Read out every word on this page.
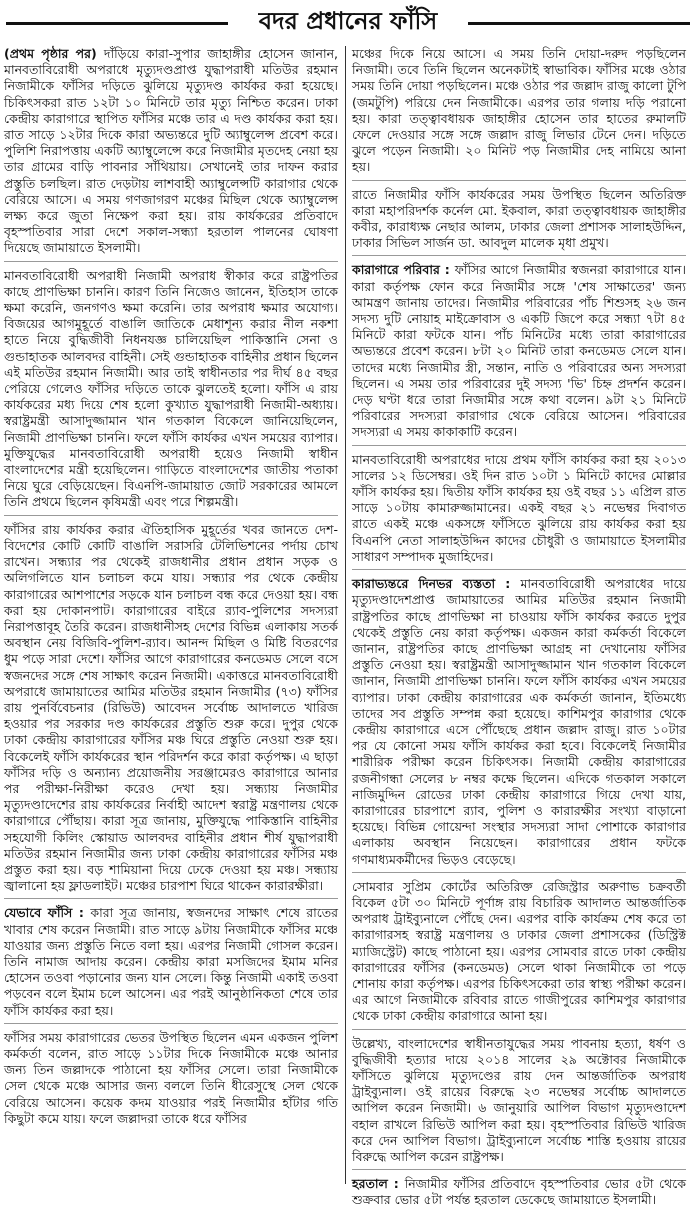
বদর প্রধানের ফাঁসি

(প্রথম পৃষ্ঠার পর) দাঁড়িয়ে কারা-সুপার জাহাঙ্গীর হোসেন জানান, মানবতাবিরোধী অপরাধে মৃত্যুদণ্ডপ্রাপ্ত যুদ্ধাপরাধী মতিউর রহমান নিজামীকে ফাঁসির দড়িতে ঝুলিয়ে মৃত্যুদণ্ড কার্যকর করা হয়েছে। চিকিৎসকরা রাত ১২টা ১০ মিনিটে তার মৃত্যু নিশ্চিত করেন। ঢাকা কেন্দ্রীয় কারাগারে স্থাপিত ফাঁসির মঞ্চে তার এ দণ্ড কার্যকর করা হয়। রাত সাড়ে ১২টার দিকে কারা অভ্যন্তরে দুটি অ্যাম্বুলেন্স প্রবেশ করে। পুলিশি নিরাপত্তায় একটি অ্যাম্বুলেন্সে করে নিজামীর মৃতদেহ নেয়া হয় তার গ্রামের বাড়ি পাবনার সাঁথিয়ায়। সেখানেই তার দাফন করার প্রস্তুতি চলছিল। রাত দেড়টায় লাশবাহী অ্যাম্বুলেন্সটি কারাগার থেকে বেরিয়ে আসে। এ সময় গণজাগরণ মঞ্চের মিছিল থেকে অ্যাম্বুলেন্স লক্ষ্য করে জুতা নিক্ষেপ করা হয়। রায় কার্যকরের প্রতিবাদে বৃহস্পতিবার সারা দেশে সকাল-সন্ধ্যা হরতাল পালনের ঘোষণা দিয়েছে জামায়াতে ইসলামী।

মানবতাবিরোধী অপরাধী নিজামী অপরাধ স্বীকার করে রাষ্ট্রপতির কাছে প্রাণভিক্ষা চাননি। কারণ তিনি নিজেও জানেন, ইতিহাস তাকে ক্ষমা করেনি, জনগণও ক্ষমা করেনি। তার অপরাধ ক্ষমার অযোগ্য। বিজয়ের আগমুহূর্তে বাঙালি জাতিকে মেধাশূন্য করার নীল নকশা হাতে নিয়ে বুদ্ধিজীবী নিধনযজ্ঞ চালিয়েছিল পাকিস্তানি সেনা ও গুন্ডাহাতক আলবদর বাহিনী। সেই গুন্ডাহাতক বাহিনীর প্রধান ছিলেন এই মতিউর রহমান নিজামী। আর তাই স্বাধীনতার পর দীর্ঘ ৪৫ বছর পেরিয়ে গেলেও ফাঁসির দড়িতে তাকে ঝুলতেই হলো। ফাঁসি এ রায় কার্যকরের মধ্য দিয়ে শেষ হলো কুখ্যাত যুদ্ধাপরাধী নিজামী-অধ্যায়। স্বরাষ্ট্রমন্ত্রী আসাদুজ্জামান খান গতকাল বিকেলে জানিয়েছিলেন, নিজামী প্রাণভিক্ষা চাননি। ফলে ফাঁসি কার্যকর এখন সময়ের ব্যাপার। মুক্তিযুদ্ধের মানবতাবিরোধী অপরাধী হয়েও নিজামী স্বাধীন বাংলাদেশের মন্ত্রী হয়েছিলেন। গাড়িতে বাংলাদেশের জাতীয় পতাকা নিয়ে ঘুরে বেড়িয়েছেন। বিএনপি-জামায়াত জোট সরকারের আমলে তিনি প্রথমে ছিলেন কৃষিমন্ত্রী এবং পরে শিল্পমন্ত্রী।

ফাঁসির রায় কার্যকর করার ঐতিহাসিক মুহূর্তের খবর জানতে দেশ-বিদেশের কোটি কোটি বাঙালি সরাসরি টেলিভিশনের পর্দায় চোখ রাখেন। সন্ধ্যার পর থেকেই রাজধানীর প্রধান প্রধান সড়ক ও অলিগলিতে যান চলাচল কমে যায়। সন্ধ্যার পর থেকে কেন্দ্রীয় কারাগারের আশপাশের সড়কে যান চলাচল বন্ধ করে দেওয়া হয়। বন্ধ করা হয় দোকানপাট। কারাগারের বাইরে র‍্যাব-পুলিশের সদস্যরা নিরাপত্তাবূহ তৈরি করেন। রাজধানীসহ দেশের বিভিন্ন এলাকায় সতর্ক অবস্থান নেয় বিজিবি-পুলিশ-র‍্যাব। আনন্দ মিছিল ও মিষ্টি বিতরণের ধুম পড়ে সারা দেশে। ফাঁসির আগে কারাগারের কনডেমড সেলে বসে স্বজনদের সঙ্গে শেষ সাক্ষাৎ করেন নিজামী। একাত্তরে মানবতাবিরোধী অপরাধে জামায়াতের আমির মতিউর রহমান নিজামীর (৭৩) ফাঁসির রায় পুনর্বিবেচনার (রিভিউ) আবেদন সর্বোচ্চ আদালতে খারিজ হওয়ার পর সরকার দণ্ড কার্যকরের প্রস্তুতি শুরু করে। দুপুর থেকে ঢাকা কেন্দ্রীয় কারাগারের ফাঁসির মঞ্চ ঘিরে প্রস্তুতি নেওয়া শুরু হয়। বিকেলেই ফাঁসি কার্যকরের স্থান পরিদর্শন করে কারা কর্তৃপক্ষ। এ ছাড়া ফাঁসির দড়ি ও অন্যান্য প্রয়োজনীয় সরঞ্জামেরও কারাগারে আনার পর পরীক্ষা-নিরীক্ষা করেও দেখা হয়। সন্ধ্যায় নিজামীর মৃত্যুদণ্ডাদেশের রায় কার্যকরের নির্বাহী আদেশ স্বরাষ্ট্র মন্ত্রণালয় থেকে কারাগারে পৌঁছায়। কারা সূত্র জানায়, মুক্তিযুদ্ধে পাকিস্তানি বাহিনীর সহযোগী কিলিং স্কোয়াড আলবদর বাহিনীর প্রধান শীর্ষ যুদ্ধাপরাধী মতিউর রহমান নিজামীর জন্য ঢাকা কেন্দ্রীয় কারাগারের ফাঁসির মঞ্চ প্রস্তুত করা হয়। বড় শামিয়ানা দিয়ে ঢেকে দেওয়া হয় মঞ্চ। সন্ধ্যায় জ্বালানো হয় ফ্লাডলাইট। মঞ্চের চারপাশ ঘিরে থাকেন কারারক্ষীরা।

যেভাবে ফাঁসি : কারা সূত্র জানায়, স্বজনদের সাক্ষাৎ শেষে রাতের খাবার শেষ করেন নিজামী। রাত সাড়ে ৯টায় নিজামীকে ফাঁসির মঞ্চে যাওয়ার জন্য প্রস্তুতি নিতে বলা হয়। এরপর নিজামী গোসল করেন। তিনি নামাজ আদায় করেন। কেন্দ্রীয় কারা মসজিদের ইমাম মনির হোসেন তওবা পড়ানোর জন্য যান সেলে। কিন্তু নিজামী একাই তওবা পড়বেন বলে ইমাম চলে আসেন। এর পরই আনুষ্ঠানিকতা শেষে তার ফাঁসি কার্যকর করা হয়।

ফাঁসির সময় কারাগারের ভেতর উপস্থিত ছিলেন এমন একজন পুলিশ কর্মকর্তা বলেন, রাত সাড়ে ১১টার দিকে নিজামীকে মঞ্চে আনার জন্য তিন জল্লাদকে পাঠানো হয় ফাঁসির সেলে। তারা নিজামীকে সেল থেকে মঞ্চে আসার জন্য বললে তিনি ধীরেসুস্থে সেল থেকে বেরিয়ে আসেন। কয়েক কদম যাওয়ার পরই নিজামীর হাঁটার গতি কিছুটা কমে যায়। ফলে জল্লাদরা তাকে ধরে ফাঁসির

মঞ্চের দিকে নিয়ে আসে। এ সময় তিনি দোয়া-দরুদ পড়ছিলেন নিজামী। তবে তিনি ছিলেন অনেকটাই স্বাভাবিক। ফাঁসির মঞ্চে ওঠার সময় তিনি দোয়া পড়ছিলেন। মঞ্চে ওঠার পর জল্লাদ রাজু কালো টুপি (জমটুপি) পরিয়ে দেন নিজামীকে। এরপর তার গলায় দড়ি পরানো হয়। কারা তত্ত্বাবধায়ক জাহাঙ্গীর হোসেন তার হাতের রুমালটি ফেলে দেওয়ার সঙ্গে সঙ্গে জল্লাদ রাজু লিভার টেনে দেন। দড়িতে ঝুলে পড়েন নিজামী। ২০ মিনিট পড় নিজামীর দেহ নামিয়ে আনা হয়।

রাতে নিজামীর ফাঁসি কার্যকরের সময় উপস্থিত ছিলেন অতিরিক্ত কারা মহাপরিদর্শক কর্নেল মো. ইকবাল, কারা তত্ত্বাবধায়ক জাহাঙ্গীর কবীর, কারাধ্যক্ষ নেছার আলম, ঢাকার জেলা প্রশাসক সালাহউদ্দিন, ঢাকার সিভিল সার্জন ডা. আবদুল মালেক মৃধা প্রমুখ।

কারাগারে পরিবার : ফাঁসির আগে নিজামীর স্বজনরা কারাগারে যান। কারা কর্তৃপক্ষ ফোন করে নিজামীর সঙ্গে 'শেষ সাক্ষাতের' জন্য আমন্ত্রণ জানায় তাদের। নিজামীর পরিবারের পাঁচ শিশুসহ ২৬ জন সদস্য দুটি নোয়াহ মাইক্রোবাস ও একটি জিপে করে সন্ধ্যা ৭টা ৪৫ মিনিটে কারা ফটকে যান। পাঁচ মিনিটের মধ্যে তারা কারাগারের অভ্যন্তরে প্রবেশ করেন। ৮টা ২০ মিনিট তারা কনডেমড সেলে যান। তাদের মধ্যে নিজামীর স্ত্রী, সন্তান, নাতি ও পরিবারের অন্য সদস্যরা ছিলেন। এ সময় তার পরিবারের দুই সদস্য 'ভি' চিহ্ন প্রদর্শন করেন। দেড় ঘণ্টা ধরে তারা নিজামীর সঙ্গে কথা বলেন। ৯টা ২১ মিনিটে পরিবারের সদস্যরা কারাগার থেকে বেরিয়ে আসেন। পরিবারের সদস্যরা এ সময় কাকাকাটি করেন।

মানবতাবিরোধী অপরাধের দায়ে প্রথম ফাঁসি কার্যকর করা হয় ২০১৩ সালের ১২ ডিসেম্বর। ওই দিন রাত ১০টা ১ মিনিটে কাদের মোল্লার ফাঁসি কার্যকর হয়। দ্বিতীয় ফাঁসি কার্যকর হয় ওই বছর ১১ এপ্রিল রাত সাড়ে ১০টায় কামারুজ্জামানের। একই বছর ২১ নভেম্বর দিবাগত রাতে একই মঞ্চে একসঙ্গে ফাঁসিতে ঝুলিয়ে রায় কার্যকর করা হয় বিএনপি নেতা সালাহউদ্দিন কাদের চৌধুরী ও জামায়াতে ইসলামীর সাধারণ সম্পাদক মুজাহিদের।

কারাভ্যন্তরে দিনভর ব্যস্ততা : মানবতাবিরোধী অপরাধের দায়ে মৃত্যুদণ্ডাদেশপ্রাপ্ত জামায়াতের আমির মতিউর রহমান নিজামী রাষ্ট্রপতির কাছে প্রাণভিক্ষা না চাওয়ায় ফাঁসি কার্যকর করতে দুপুর থেকেই প্রস্তুতি নেয় কারা কর্তৃপক্ষ। একজন কারা কর্মকর্তা বিকেলে জানান, রাষ্ট্রপতির কাছে প্রাণভিক্ষা আগ্রহ না দেখানোয় ফাঁসির প্রস্তুতি নেওয়া হয়। স্বরাষ্ট্রমন্ত্রী আসাদুজ্জামান খান গতকাল বিকেলে জানান, নিজামী প্রাণভিক্ষা চাননি। ফলে ফাঁসি কার্যকর এখন সময়ের ব্যাপার। ঢাকা কেন্দ্রীয় কারাগারের এক কর্মকর্তা জানান, ইতিমধ্যে তাদের সব প্রস্তুতি সম্পন্ন করা হয়েছে। কাশিমপুর কারাগার থেকে কেন্দ্রীয় কারাগারে এসে পৌঁছেছে প্রধান জল্লাদ রাজু। রাত ১০টার পর যে কোনো সময় ফাঁসি কার্যকর করা হবে। বিকেলেই নিজামীর শারীরিক পরীক্ষা করেন চিকিৎসক। নিজামী কেন্দ্রীয় কারাগারের রজনীগন্ধা সেলের ৮ নম্বর কক্ষে ছিলেন। এদিকে গতকাল সকালে নাজিমুদ্দিন রোডের ঢাকা কেন্দ্রীয় কারাগারে গিয়ে দেখা যায়, কারাগারের চারপাশে র‍্যাব, পুলিশ ও কারারক্ষীর সংখ্যা বাড়ানো হয়েছে। বিভিন্ন গোয়েন্দা সংস্থার সদস্যরা সাদা পোশাকে কারাগার এলাকায় অবস্থান নিয়েছেন। কারাগারের প্রধান ফটকে গণমাধ্যমকর্মীদের ভিড়ও বেড়েছে।

সোমবার সুপ্রিম কোর্টের অতিরিক্ত রেজিস্ট্রার অরুণাভ চক্রবর্তী বিকেল ৫টা ৩০ মিনিটে পূর্ণাঙ্গ রায় বিচারিক আদালত আন্তর্জাতিক অপরাধ ট্রাইব্যুনালে পৌঁছে দেন। এরপর বাকি কার্যক্রম শেষ করে তা কারাগারসহ স্বরাষ্ট্র মন্ত্রণালয় ও ঢাকার জেলা প্রশাসকের (ডিস্ট্রিক্ট ম্যাজিস্ট্রেট) কাছে পাঠানো হয়। এরপর সোমবার রাতে ঢাকা কেন্দ্রীয় কারাগারের ফাঁসির (কনডেমড) সেলে থাকা নিজামীকে তা পড়ে শোনায় কারা কর্তৃপক্ষ। এরপর চিকিৎসকেরা তার স্বাস্থ্য পরীক্ষা করেন। এর আগে নিজামীকে রবিবার রাতে গাজীপুরের কাশিমপুর কারাগার থেকে ঢাকা কেন্দ্রীয় কারাগারে আনা হয়।

উল্লেখ্য, বাংলাদেশের স্বাধীনতাযুদ্ধের সময় পাবনায় হত্যা, ধর্ষণ ও বুদ্ধিজীবী হত্যার দায়ে ২০১৪ সালের ২৯ অক্টোবর নিজামীকে ফাঁসিতে ঝুলিয়ে মৃত্যুদণ্ডের রায় দেন আন্তর্জাতিক অপরাধ ট্রাইব্যুনাল। ওই রায়ের বিরুদ্ধে ২৩ নভেম্বর সর্বোচ্চ আদালতে আপিল করেন নিজামী। ৬ জানুয়ারি আপিল বিভাগ মৃত্যুদণ্ডাদেশ বহাল রাখলে রিভিউ আপিল করা হয়। বৃহস্পতিবার রিভিউ খারিজ করে দেন আপিল বিভাগ। ট্রাইব্যুনালে সর্বোচ্চ শাস্তি হওয়ায় রায়ের বিরুদ্ধে আপিল করেন রাষ্ট্রপক্ষ।

হরতাল : নিজামীর ফাঁসির প্রতিবাদে বৃহস্পতিবার ভোর ৫টা থেকে শুক্রবার ভোর ৫টা পর্যন্ত হরতাল ডেকেছে জামায়াতে ইসলামী।
